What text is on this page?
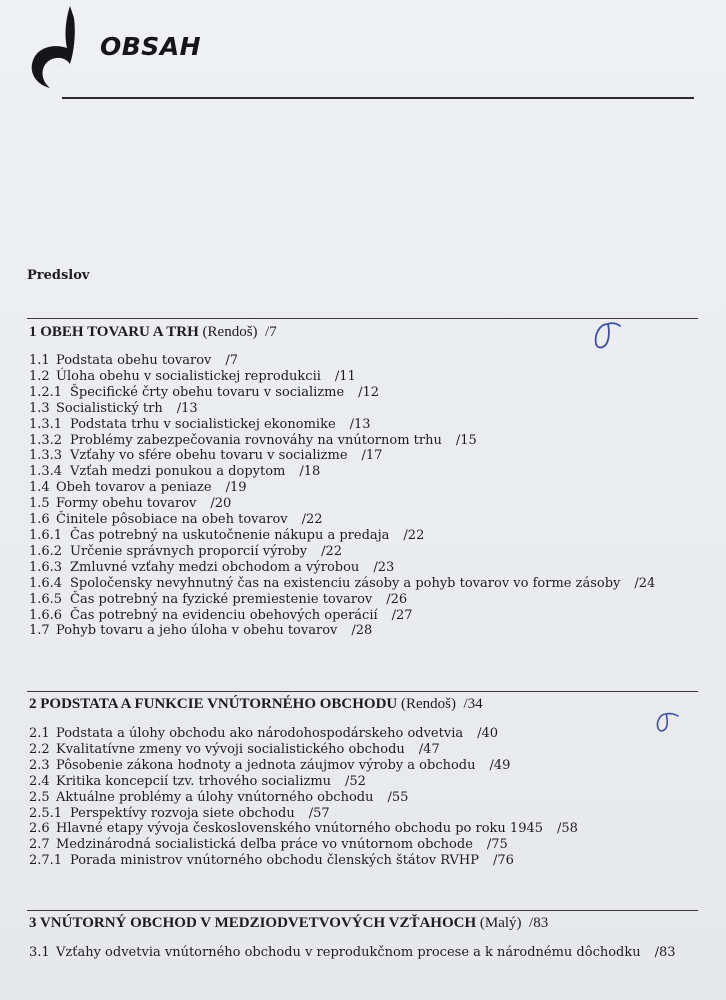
OBSAH
Predslov
1 OBEH TOVARU A TRH (Rendoš) /7
1.1 Podstata obehu tovarov /7
1.2 Úloha obehu v socialistickej reprodukcii /11
1.2.1 Špecifické črty obehu tovaru v socializme /12
1.3 Socialistický trh /13
1.3.1 Podstata trhu v socialistickej ekonomike /13
1.3.2 Problémy zabezpečovania rovnováhy na vnútornom trhu /15
1.3.3 Vzťahy vo sfére obehu tovaru v socializme /17
1.3.4 Vzťah medzi ponukou a dopytom /18
1.4 Obeh tovarov a peniaze /19
1.5 Formy obehu tovarov /20
1.6 Činitele pôsobiace na obeh tovarov /22
1.6.1 Čas potrebný na uskutočnenie nákupu a predaja /22
1.6.2 Určenie správnych proporcií výroby /22
1.6.3 Zmluvné vzťahy medzi obchodom a výrobou /23
1.6.4 Spoločensky nevyhnutný čas na existenciu zásoby a pohyb tovarov vo forme zásoby /24
1.6.5 Čas potrebný na fyzické premiestenie tovarov /26
1.6.6 Čas potrebný na evidenciu obehových operácií /27
1.7 Pohyb tovaru a jeho úloha v obehu tovarov /28
2 PODSTATA A FUNKCIE VNÚTORNÉHO OBCHODU (Rendoš) /34
2.1 Podstata a úlohy obchodu ako národohospodárskeho odvetvia /40
2.2 Kvalitatívne zmeny vo vývoji socialistického obchodu /47
2.3 Pôsobenie zákona hodnoty a jednota záujmov výroby a obchodu /49
2.4 Kritika koncepcií tzv. trhového socializmu /52
2.5 Aktuálne problémy a úlohy vnútorného obchodu /55
2.5.1 Perspektívy rozvoja siete obchodu /57
2.6 Hlavné etapy vývoja československého vnútorného obchodu po roku 1945 /58
2.7 Medzinárodná socialistická deľba práce vo vnútornom obchode /75
2.7.1 Porada ministrov vnútorného obchodu členských štátov RVHP /76
3 VNÚTORNÝ OBCHOD V MEDZIODVETVOVÝCH VZŤAHOCH (Malý) /83
3.1 Vzťahy odvetvia vnútorného obchodu v reprodukčnom procese a k národnému dôchodku /83
